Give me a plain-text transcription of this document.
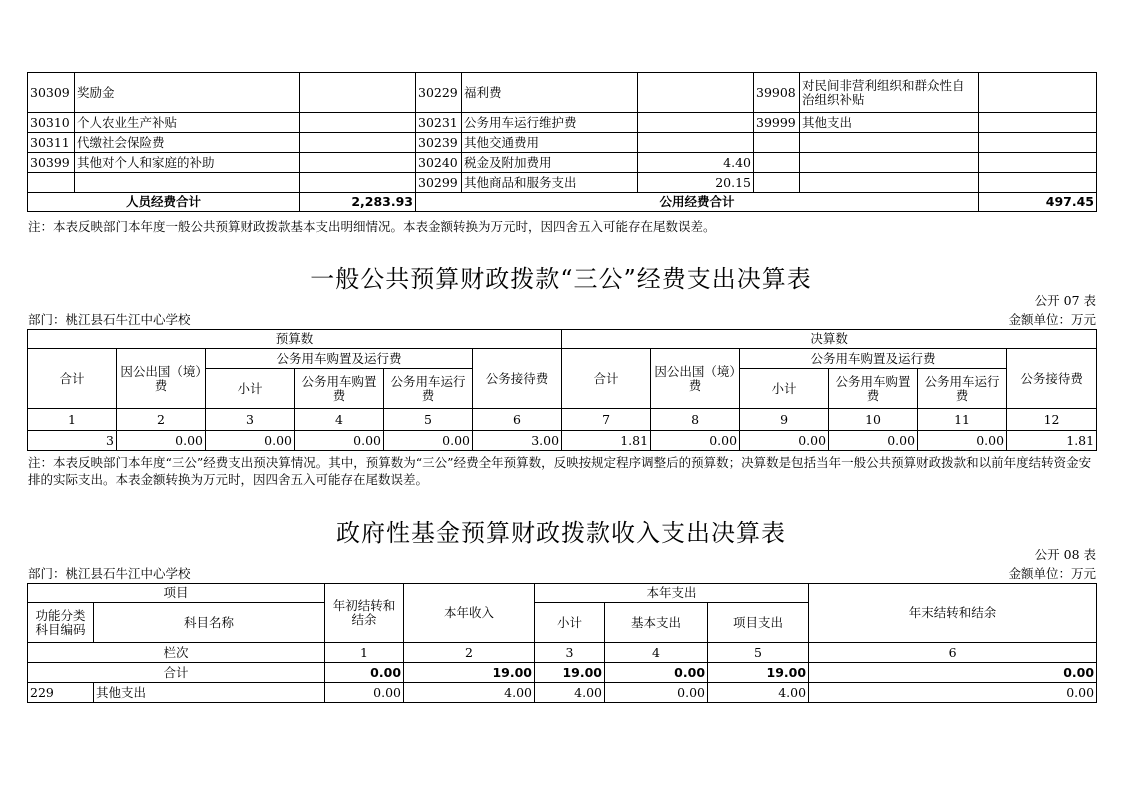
30309	奖励金		30229	福利费		39908	对民间非营利组织和群众性自治组织补贴	
30310	个人农业生产补贴		30231	公务用车运行维护费		39999	其他支出	
30311	代缴社会保险费		30239	其他交通费用				
30399	其他对个人和家庭的补助		30240	税金及附加费用	4.40			
			30299	其他商品和服务支出	20.15			
人员经费合计		2,283.93	公用经费合计					497.45
注：本表反映部门本年度一般公共预算财政拨款基本支出明细情况。本表金额转换为万元时，因四舍五入可能存在尾数误差。
一般公共预算财政拨款“三公”经费支出决算表
公开 07 表
部门：桃江县石牛江中心学校	金额单位：万元
预算数						决算数					
合计	因公出国（境）费	公务用车购置及运行费			公务接待费	合计	因公出国（境）费	公务用车购置及运行费			公务接待费
		小计	公务用车购置费	公务用车运行费				小计	公务用车购置费	公务用车运行费	
1	2	3	4	5	6	7	8	9	10	11	12
3	0.00	0.00	0.00	0.00	3.00	1.81	0.00	0.00	0.00	0.00	1.81
注：本表反映部门本年度“三公”经费支出预决算情况。其中，预算数为“三公”经费全年预算数，反映按规定程序调整后的预算数；决算数是包括当年一般公共预算财政拨款和以前年度结转资金安排的实际支出。本表金额转换为万元时，因四舍五入可能存在尾数误差。
政府性基金预算财政拨款收入支出决算表
公开 08 表
部门：桃江县石牛江中心学校	金额单位：万元
项目		年初结转和结余	本年收入	本年支出			年末结转和结余
功能分类科目编码	科目名称			小计	基本支出	项目支出	
栏次		1	2	3	4	5	6
合计		0.00	19.00	19.00	0.00	19.00	0.00
229	其他支出	0.00	4.00	4.00	0.00	4.00	0.00
